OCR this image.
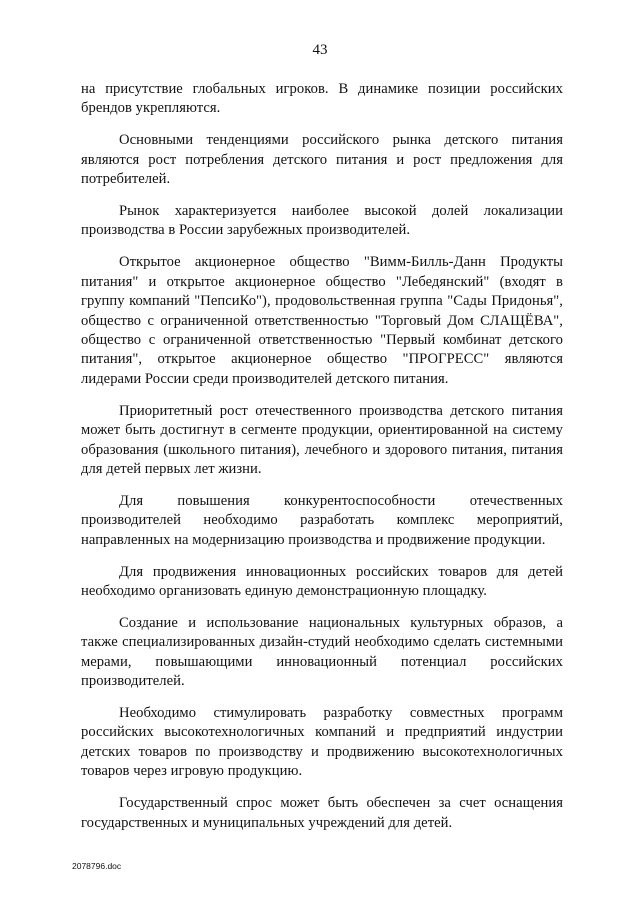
43

на присутствие глобальных игроков. В динамике позиции российских брендов укрепляются.

Основными тенденциями российского рынка детского питания являются рост потребления детского питания и рост предложения для потребителей.

Рынок характеризуется наиболее высокой долей локализации производства в России зарубежных производителей.

Открытое акционерное общество "Вимм-Билль-Данн Продукты питания" и открытое акционерное общество "Лебедянский" (входят в группу компаний "ПепсиКо"), продовольственная группа "Сады Придонья", общество с ограниченной ответственностью "Торговый Дом СЛАЩЁВА", общество с ограниченной ответственностью "Первый комбинат детского питания", открытое акционерное общество "ПРОГРЕСС" являются лидерами России среди производителей детского питания.

Приоритетный рост отечественного производства детского питания может быть достигнут в сегменте продукции, ориентированной на систему образования (школьного питания), лечебного и здорового питания, питания для детей первых лет жизни.

Для повышения конкурентоспособности отечественных производителей необходимо разработать комплекс мероприятий, направленных на модернизацию производства и продвижение продукции.

Для продвижения инновационных российских товаров для детей необходимо организовать единую демонстрационную площадку.

Создание и использование национальных культурных образов, а также специализированных дизайн-студий необходимо сделать системными мерами, повышающими инновационный потенциал российских производителей.

Необходимо стимулировать разработку совместных программ российских высокотехнологичных компаний и предприятий индустрии детских товаров по производству и продвижению высокотехнологичных товаров через игровую продукцию.

Государственный спрос может быть обеспечен за счет оснащения государственных и муниципальных учреждений для детей.

2078796.doc
